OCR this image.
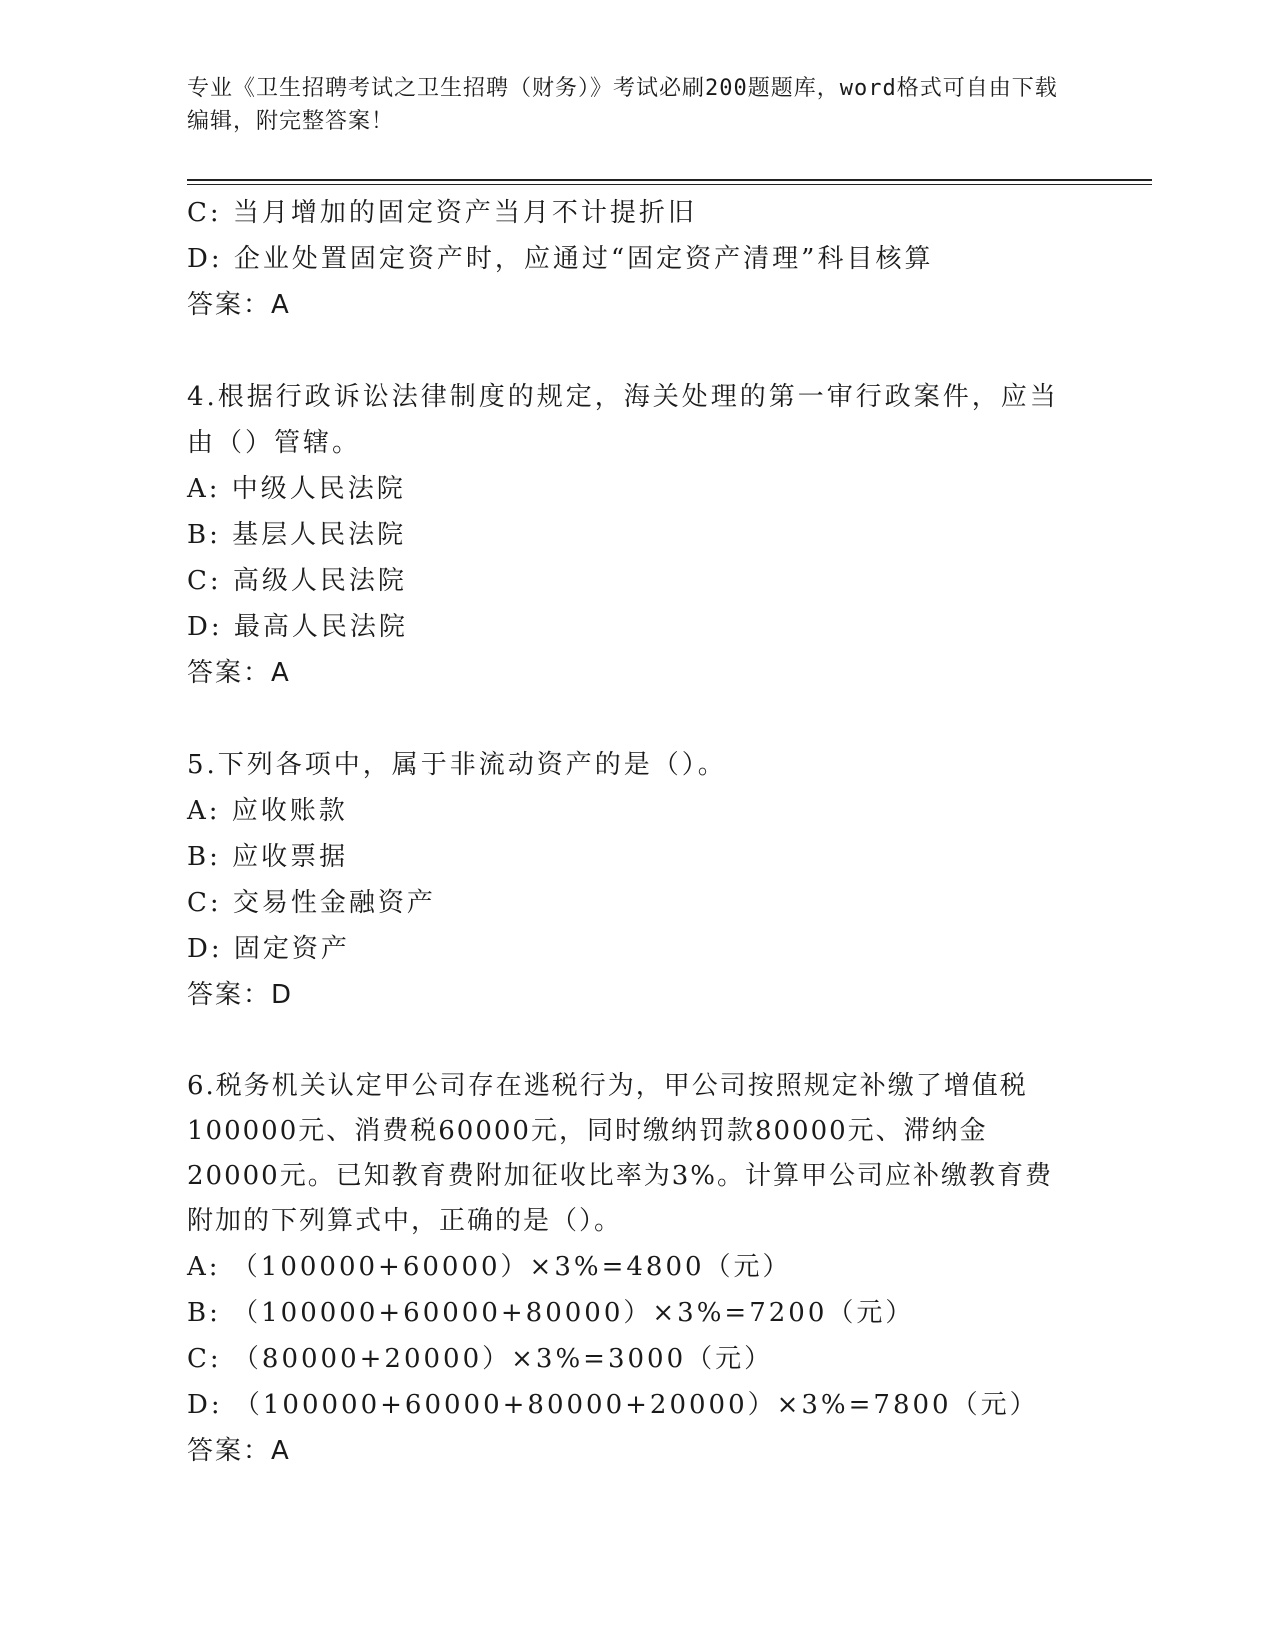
专业《卫生招聘考试之卫生招聘（财务）》考试必刷200题题库，word格式可自由下载编辑，附完整答案！
C: 当月增加的固定资产当月不计提折旧
D: 企业处置固定资产时，应通过“固定资产清理”科目核算
答案：A
4.根据行政诉讼法律制度的规定，海关处理的第一审行政案件，应当由（）管辖。
A: 中级人民法院
B: 基层人民法院
C: 高级人民法院
D: 最高人民法院
答案：A
5.下列各项中，属于非流动资产的是（）。
A: 应收账款
B: 应收票据
C: 交易性金融资产
D: 固定资产
答案：D
6.税务机关认定甲公司存在逃税行为，甲公司按照规定补缴了增值税100000元、消费税60000元，同时缴纳罚款80000元、滞纳金20000元。已知教育费附加征收比率为3%。计算甲公司应补缴教育费附加的下列算式中，正确的是（）。
A: （100000+60000）×3%=4800（元）
B: （100000+60000+80000）×3%=7200（元）
C: （80000+20000）×3%=3000（元）
D: （100000+60000+80000+20000）×3%=7800（元）
答案：A
